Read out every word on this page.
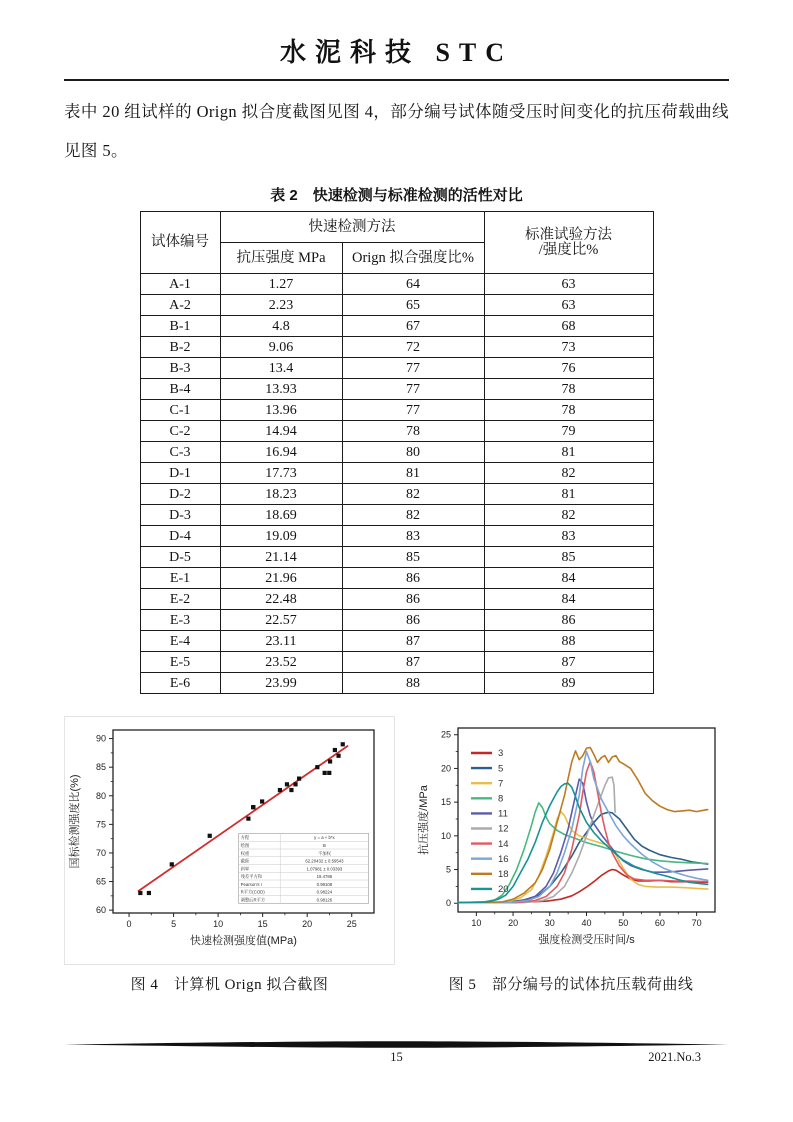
水泥科技 STC

表中 20 组试样的 Orign 拟合度截图见图 4，部分编号试体随受压时间变化的抗压荷载曲线见图 5。

表 2　快速检测与标准检测的活性对比
试体编号	快速检测方法		标准试验方法
/强度比%
	抗压强度 MPa	Orign 拟合强度比%	
A-1	1.27	64	63
A-2	2.23	65	63
B-1	4.8	67	68
B-2	9.06	72	73
B-3	13.4	77	76
B-4	13.93	77	78
C-1	13.96	77	78
C-2	14.94	78	79
C-3	16.94	80	81
D-1	17.73	81	82
D-2	18.23	82	81
D-3	18.69	82	82
D-4	19.09	83	83
D-5	21.14	85	85
E-1	21.96	86	84
E-2	22.48	86	84
E-3	22.57	86	86
E-4	23.11	87	88
E-5	23.52	87	87
E-6	23.99	88	89
0	5	10	15	20	25
60
65
70
75
80
85
90
快速检测强度值(MPa)
国标检测强度比(%)	方程	y = a + b*x
绘图	B
权重	不加权
截距	62.20432 ± 0.59543
斜率	1.07981 ± 0.03393
残差平方和	19.4786
Pearson's r	0.99108
R平方(COD)	0.98224
调整后R平方	0.98126
图 4　计算机 Orign 拟合截图
10	20	30	40	50	60	70
0
5
10
15
20
25
强度检测受压时间/s
抗压强度/MPa
3
5
7
8
11
12
14
16
18
20
图 5　部分编号的试体抗压载荷曲线
15	2021.No.3
